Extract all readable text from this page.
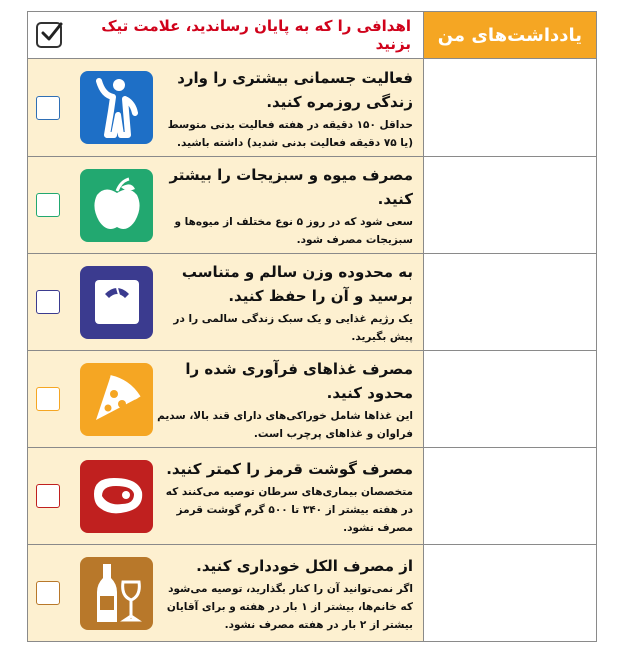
یادداشت‌های من	اهدافی را که به پایان رساندید، علامت تیک بزنید

	فعالیت جسمانی بیشتری را وارد زندگی روزمره کنید.
حداقل ۱۵۰ دقیقه در هفته فعالیت بدنی متوسط (یا ۷۵ دقیقه فعالیت بدنی شدید) داشته باشید.

	مصرف میوه و سبزیجات را بیشتر کنید.
سعی شود که در روز ۵ نوع مختلف از میوه‌ها و سبزیجات مصرف شود.

	به محدوده وزن سالم و متناسب برسید و آن را حفظ کنید.
یک رژیم غذایی و یک سبک زندگی سالمی را در پیش بگیرید.

	مصرف غذاهای فرآوری شده را محدود کنید.
این غذاها شامل خوراکی‌های دارای قند بالا، سدیم فراوان و غذاهای پرچرب است.

	مصرف گوشت قرمز را کمتر کنید.
متخصصان بیماری‌های سرطان توصیه می‌کنند که در هفته بیشتر از ۳۴۰ تا ۵۰۰ گرم گوشت قرمز مصرف نشود.

	از مصرف الکل خودداری کنید.
اگر نمی‌توانید آن را کنار بگذارید، توصیه می‌شود که خانم‌ها، بیشتر از ۱ بار در هفته و برای آقایان بیشتر از ۲ بار در هفته مصرف نشود.
